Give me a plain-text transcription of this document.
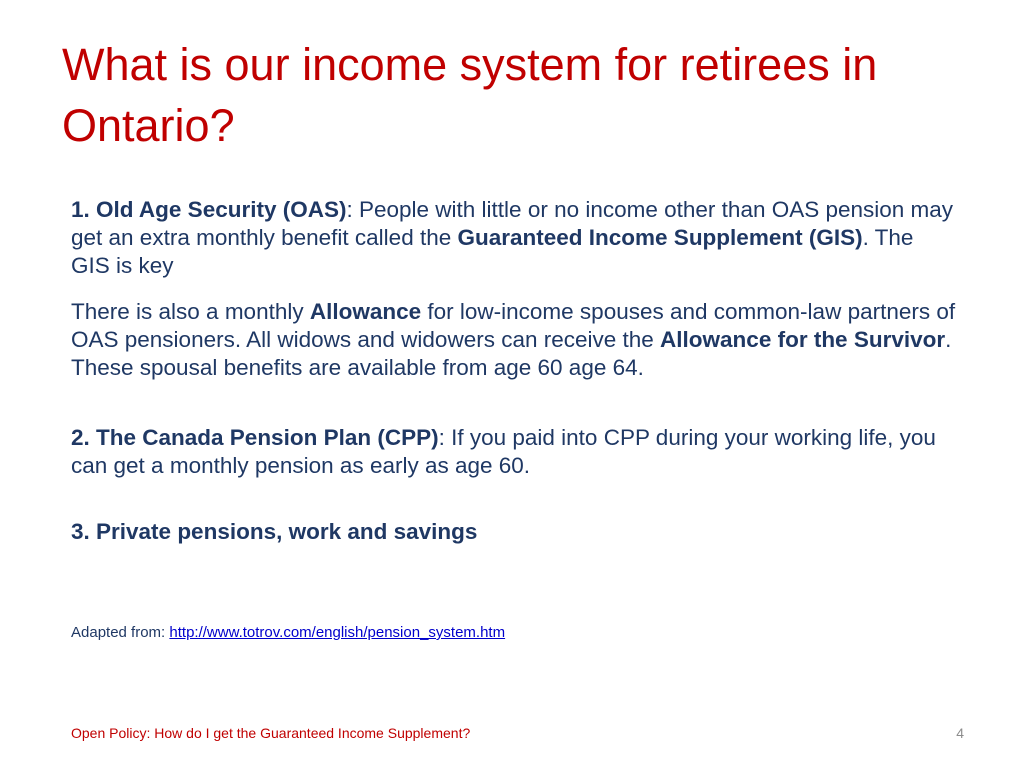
What is our income system for retirees in Ontario?

1. Old Age Security (OAS): People with little or no income other than OAS pension may get an extra monthly benefit called the Guaranteed Income Supplement (GIS). The GIS is key

There is also a monthly Allowance for low-income spouses and common-law partners of OAS pensioners. All widows and widowers can receive the Allowance for the Survivor. These spousal benefits are available from age 60 age 64.

2. The Canada Pension Plan (CPP): If you paid into CPP during your working life, you can get a monthly pension as early as age 60.

3. Private pensions, work and savings

Adapted from: http://www.totrov.com/english/pension_system.htm
Open Policy: How do I get the Guaranteed Income Supplement?	4
